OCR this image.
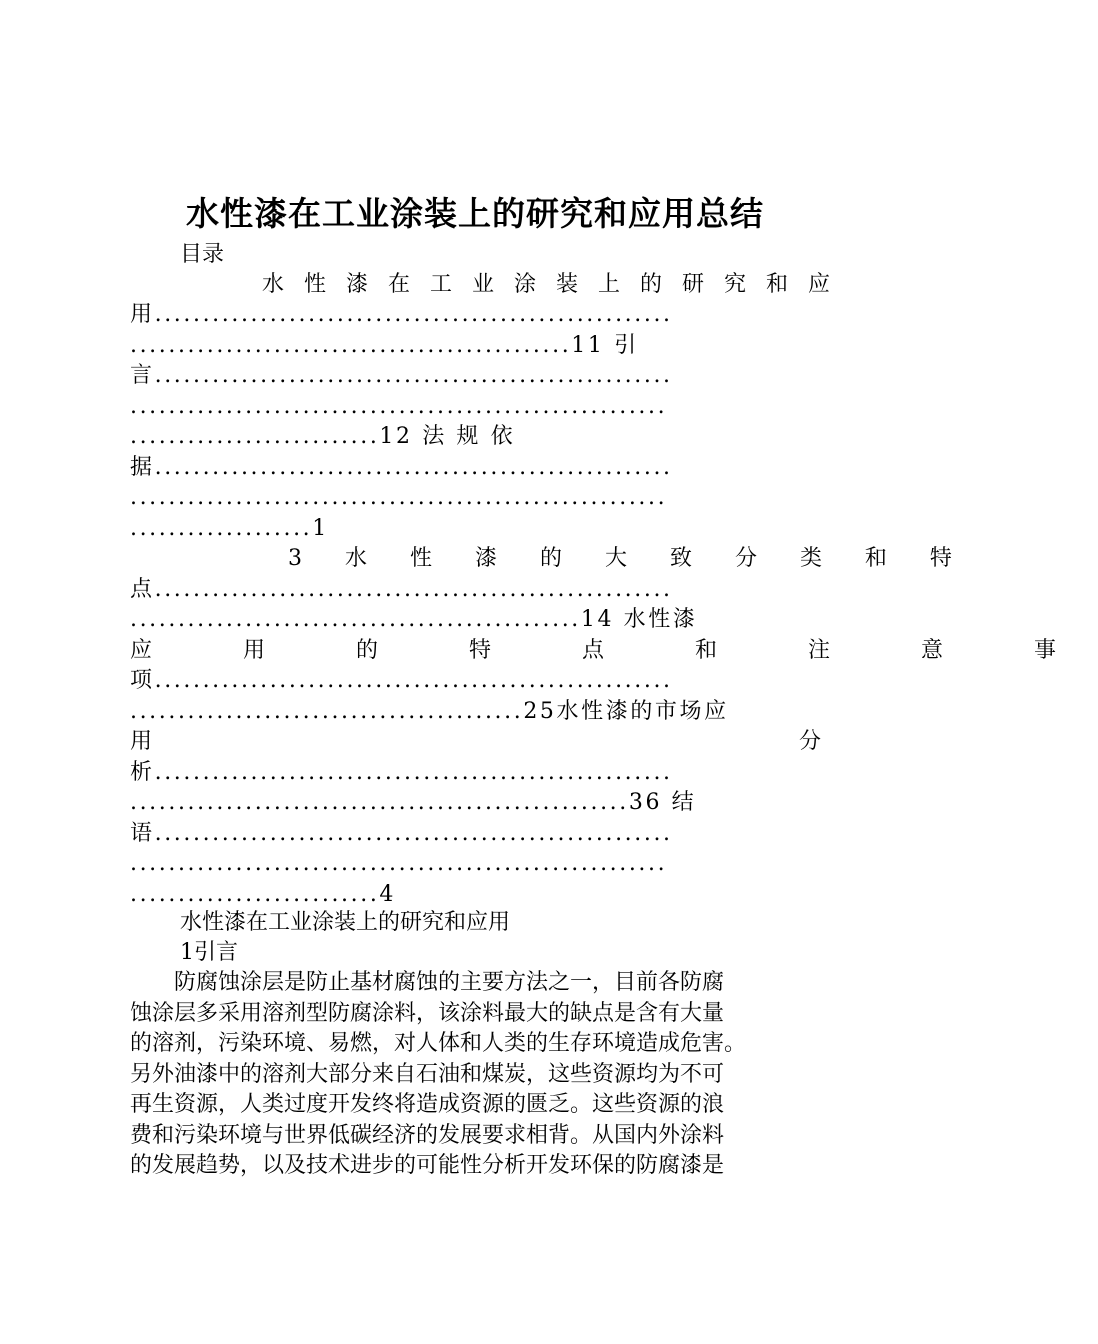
水性漆在工业涂装上的研究和应用总结
目录
水性漆在工业涂装上的研究和应
用......................................................
..............................................11 引
言......................................................
........................................................
..........................12 法 规 依
据......................................................
........................................................
...................1
3 水 性 漆 的 大 致 分 类 和 特
点......................................................
...............................................14 水性漆
应 用 的 特 点 和 注 意 事
项......................................................
.........................................25水性漆的市场应
用 分
析......................................................
....................................................36 结
语......................................................
........................................................
..........................4
水性漆在工业涂装上的研究和应用
1引言
　　防腐蚀涂层是防止基材腐蚀的主要方法之一，目前各防腐
蚀涂层多采用溶剂型防腐涂料，该涂料最大的缺点是含有大量
的溶剂，污染环境、易燃，对人体和人类的生存环境造成危害。
另外油漆中的溶剂大部分来自石油和煤炭，这些资源均为不可
再生资源，人类过度开发终将造成资源的匮乏。这些资源的浪
费和污染环境与世界低碳经济的发展要求相背。从国内外涂料
的发展趋势，以及技术进步的可能性分析开发环保的防腐漆是
